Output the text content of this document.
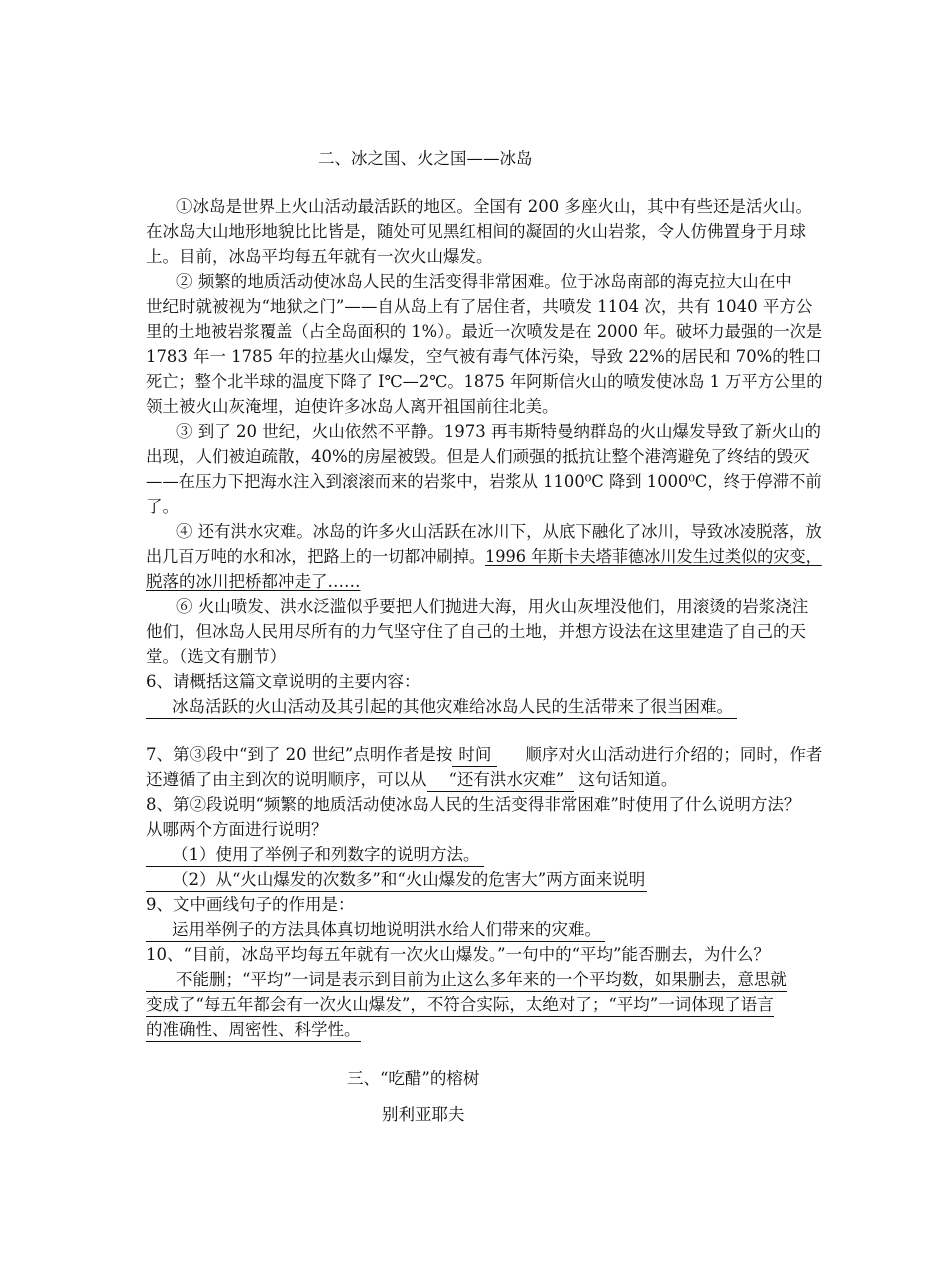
二、冰之国、火之国——冰岛
①冰岛是世界上火山活动最活跃的地区。全国有 200 多座火山，其中有些还是活火山。
在冰岛大山地形地貌比比皆是，随处可见黑红相间的凝固的火山岩浆，令人仿佛置身于月球
上。目前，冰岛平均每五年就有一次火山爆发。
② 频繁的地质活动使冰岛人民的生活变得非常困难。位于冰岛南部的海克拉大山在中
世纪时就被视为“地狱之门”——自从岛上有了居住者，共喷发 1104 次，共有 1040 平方公
里的土地被岩浆覆盖（占全岛面积的 1%）。最近一次喷发是在 2000 年。破坏力最强的一次是
1783 年一 1785 年的拉基火山爆发，空气被有毒气体污染，导致 22%的居民和 70%的牲口
死亡；整个北半球的温度下降了 I℃—2℃。1875 年阿斯信火山的喷发使冰岛 1 万平方公里的
领土被火山灰淹埋，迫使许多冰岛人离开祖国前往北美。
③ 到了 20 世纪，火山依然不平静。1973 再韦斯特曼纳群岛的火山爆发导致了新火山的
出现，人们被迫疏散，40%的房屋被毁。但是人们顽强的抵抗让整个港湾避免了终结的毁灭
——在压力下把海水注入到滚滚而来的岩浆中，岩浆从 1100⁰C 降到 1000⁰C，终于停滞不前
了。
④ 还有洪水灾难。冰岛的许多火山活跃在冰川下，从底下融化了冰川，导致冰凌脱落，放
出几百万吨的水和冰，把路上的一切都冲刷掉。1996 年斯卡夫塔菲德冰川发生过类似的灾变，
脱落的冰川把桥都冲走了……
⑥ 火山喷发、洪水泛滥似乎要把人们抛进大海，用火山灰埋没他们，用滚烫的岩浆浇注
他们，但冰岛人民用尽所有的力气坚守住了自己的土地，并想方设法在这里建造了自己的天
堂。（选文有删节）
6、请概括这篇文章说明的主要内容：
冰岛活跃的火山活动及其引起的其他灾难给冰岛人民的生活带来了很当困难。
7、第③段中“到了 20 世纪”点明作者是按 时间 顺序对火山活动进行介绍的；同时，作者
还遵循了由主到次的说明顺序，可以从 “还有洪水灾难” 这句话知道。
8、第②段说明“频繁的地质活动使冰岛人民的生活变得非常困难”时使用了什么说明方法？
从哪两个方面进行说明？
（1）使用了举例子和列数字的说明方法。
（2）从“火山爆发的次数多”和“火山爆发的危害大”两方面来说明
9、文中画线句子的作用是：
运用举例子的方法具体真切地说明洪水给人们带来的灾难。
10、“目前，冰岛平均每五年就有一次火山爆发。”一句中的“平均”能否删去，为什么？
不能删；“平均”一词是表示到目前为止这么多年来的一个平均数，如果删去，意思就
变成了“每五年都会有一次火山爆发”，不符合实际，太绝对了；“平均”一词体现了语言
的准确性、周密性、科学性。
三、“吃醋”的榕树
别利亚耶夫
